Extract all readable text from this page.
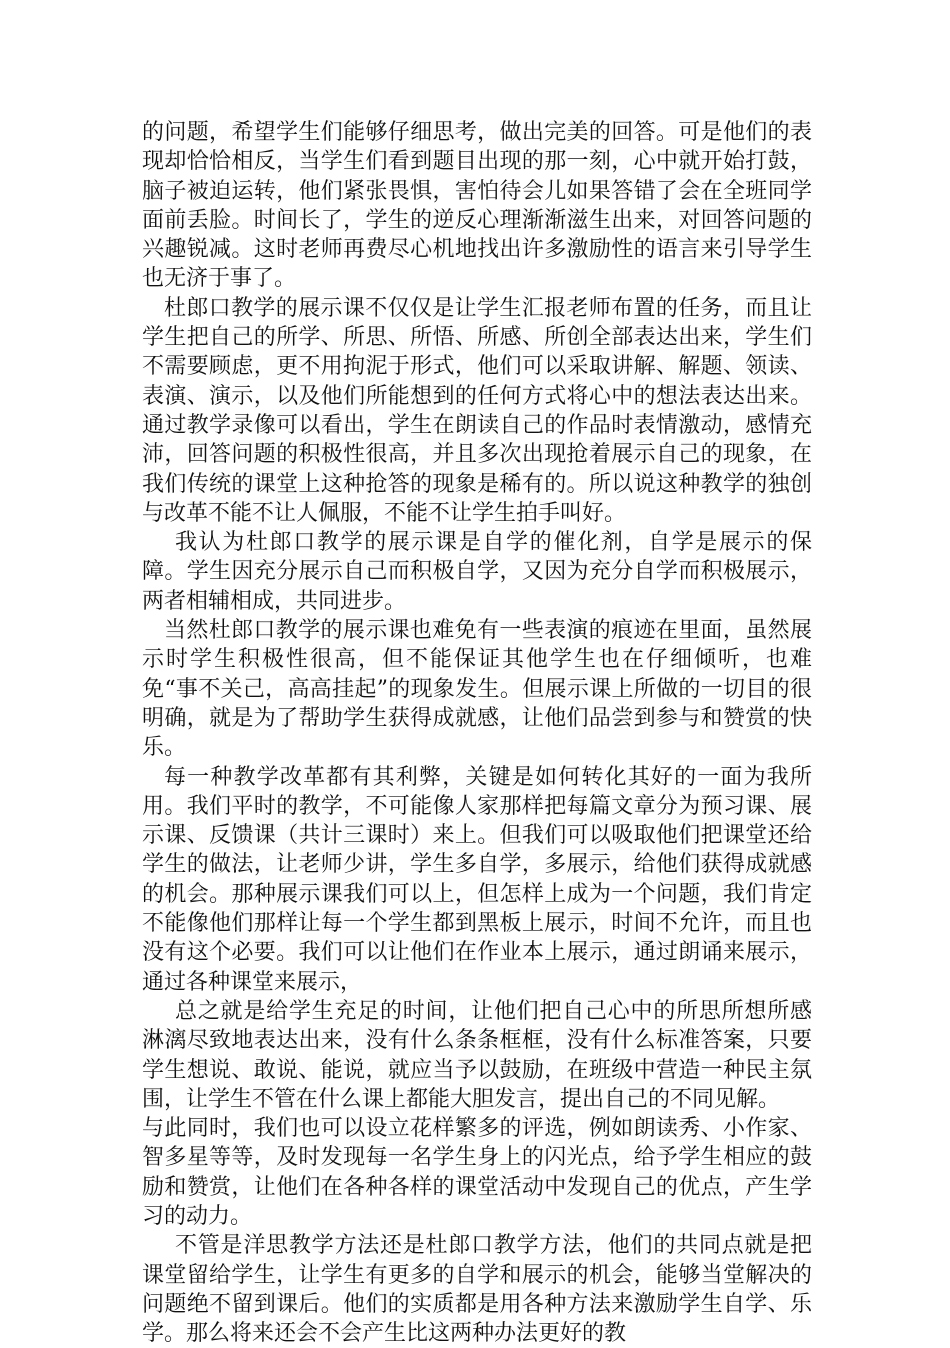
的问题，希望学生们能够仔细思考，做出完美的回答。可是他们的表现却恰恰相反，当学生们看到题目出现的那一刻，心中就开始打鼓，脑子被迫运转，他们紧张畏惧，害怕待会儿如果答错了会在全班同学面前丢脸。时间长了，学生的逆反心理渐渐滋生出来，对回答问题的兴趣锐减。这时老师再费尽心机地找出许多激励性的语言来引导学生也无济于事了。

杜郎口教学的展示课不仅仅是让学生汇报老师布置的任务，而且让学生把自己的所学、所思、所悟、所感、所创全部表达出来，学生们不需要顾虑，更不用拘泥于形式，他们可以采取讲解、解题、领读、表演、演示，以及他们所能想到的任何方式将心中的想法表达出来。通过教学录像可以看出，学生在朗读自己的作品时表情激动，感情充沛，回答问题的积极性很高，并且多次出现抢着展示自己的现象，在我们传统的课堂上这种抢答的现象是稀有的。所以说这种教学的独创与改革不能不让人佩服，不能不让学生拍手叫好。

我认为杜郎口教学的展示课是自学的催化剂，自学是展示的保障。学生因充分展示自己而积极自学，又因为充分自学而积极展示，两者相辅相成，共同进步。

当然杜郎口教学的展示课也难免有一些表演的痕迹在里面，虽然展示时学生积极性很高，但不能保证其他学生也在仔细倾听，也难免“事不关己，高高挂起”的现象发生。但展示课上所做的一切目的很明确，就是为了帮助学生获得成就感，让他们品尝到参与和赞赏的快乐。

每一种教学改革都有其利弊，关键是如何转化其好的一面为我所用。我们平时的教学，不可能像人家那样把每篇文章分为预习课、展示课、反馈课（共计三课时）来上。但我们可以吸取他们把课堂还给学生的做法，让老师少讲，学生多自学，多展示，给他们获得成就感的机会。那种展示课我们可以上，但怎样上成为一个问题，我们肯定不能像他们那样让每一个学生都到黑板上展示，时间不允许，而且也没有这个必要。我们可以让他们在作业本上展示，通过朗诵来展示，通过各种课堂来展示，

总之就是给学生充足的时间，让他们把自己心中的所思所想所感淋漓尽致地表达出来，没有什么条条框框，没有什么标准答案，只要学生想说、敢说、能说，就应当予以鼓励，在班级中营造一种民主氛围，让学生不管在什么课上都能大胆发言，提出自己的不同见解。

与此同时，我们也可以设立花样繁多的评选，例如朗读秀、小作家、智多星等等，及时发现每一名学生身上的闪光点，给予学生相应的鼓励和赞赏，让他们在各种各样的课堂活动中发现自己的优点，产生学习的动力。

不管是洋思教学方法还是杜郎口教学方法，他们的共同点就是把课堂留给学生，让学生有更多的自学和展示的机会，能够当堂解决的问题绝不留到课后。他们的实质都是用各种方法来激励学生自学、乐学。那么将来还会不会产生比这两种办法更好的教
